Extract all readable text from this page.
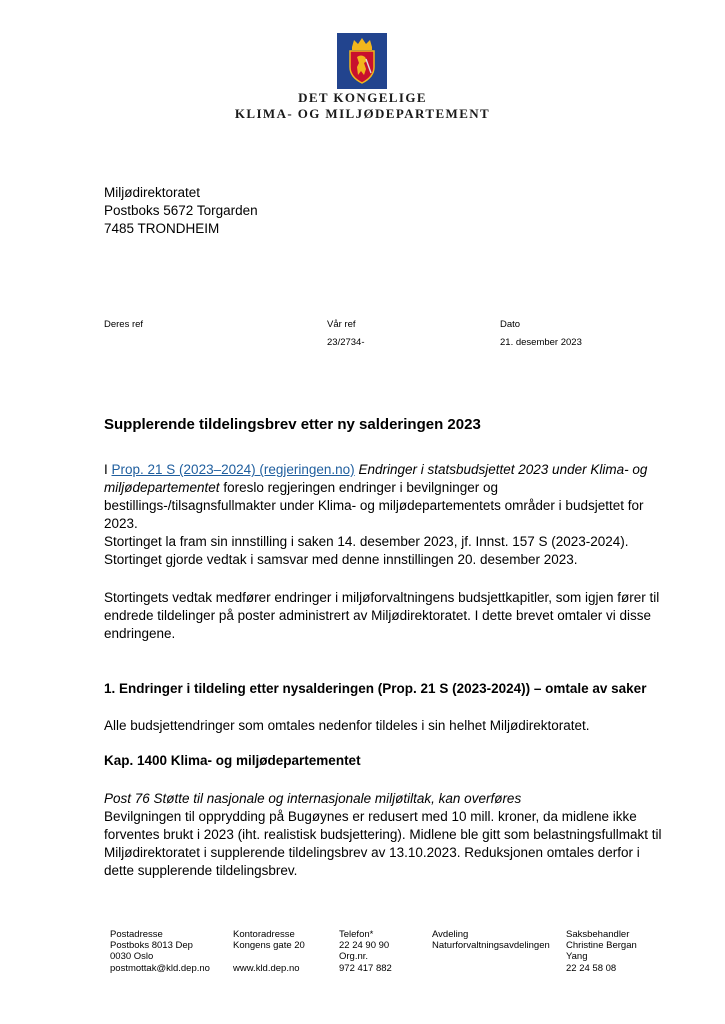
DET KONGELIGE
KLIMA- OG MILJØDEPARTEMENT
Miljødirektoratet
Postboks 5672 Torgarden
7485 TRONDHEIM
Deres ref	Vår ref
23/2734-
Dato
21. desember 2023
Supplerende tildelingsbrev etter ny salderingen 2023
I Prop. 21 S (2023–2024) (regjeringen.no) Endringer i statsbudsjettet 2023 under Klima- og miljødepartementet foreslo regjeringen endringer i bevilgninger og bestillings-/tilsagnsfullmakter under Klima- og miljødepartementets områder i budsjettet for 2023.
Stortinget la fram sin innstilling i saken 14. desember 2023, jf. Innst. 157 S (2023-2024). Stortinget gjorde vedtak i samsvar med denne innstillingen 20. desember 2023.
Stortingets vedtak medfører endringer i miljøforvaltningens budsjettkapitler, som igjen fører til endrede tildelinger på poster administrert av Miljødirektoratet. I dette brevet omtaler vi disse endringene.
1. Endringer i tildeling etter nysalderingen (Prop. 21 S (2023-2024)) – omtale av saker
Alle budsjettendringer som omtales nedenfor tildeles i sin helhet Miljødirektoratet.
Kap. 1400 Klima- og miljødepartementet
Post 76 Støtte til nasjonale og internasjonale miljøtiltak, kan overføres
Bevilgningen til opprydding på Bugøynes er redusert med 10 mill. kroner, da midlene ikke forventes brukt i 2023 (iht. realistisk budsjettering). Midlene ble gitt som belastningsfullmakt til Miljødirektoratet i supplerende tildelingsbrev av 13.10.2023. Reduksjonen omtales derfor i dette supplerende tildelingsbrev.
Postadresse
Postboks 8013 Dep
0030 Oslo
postmottak@kld.dep.no
Kontoradresse
Kongens gate 20

www.kld.dep.no
Telefon*
22 24 90 90
Org.nr.
972 417 882
Avdeling
Naturforvaltningsavdelingen
Saksbehandler
Christine Bergan
Yang
22 24 58 08
